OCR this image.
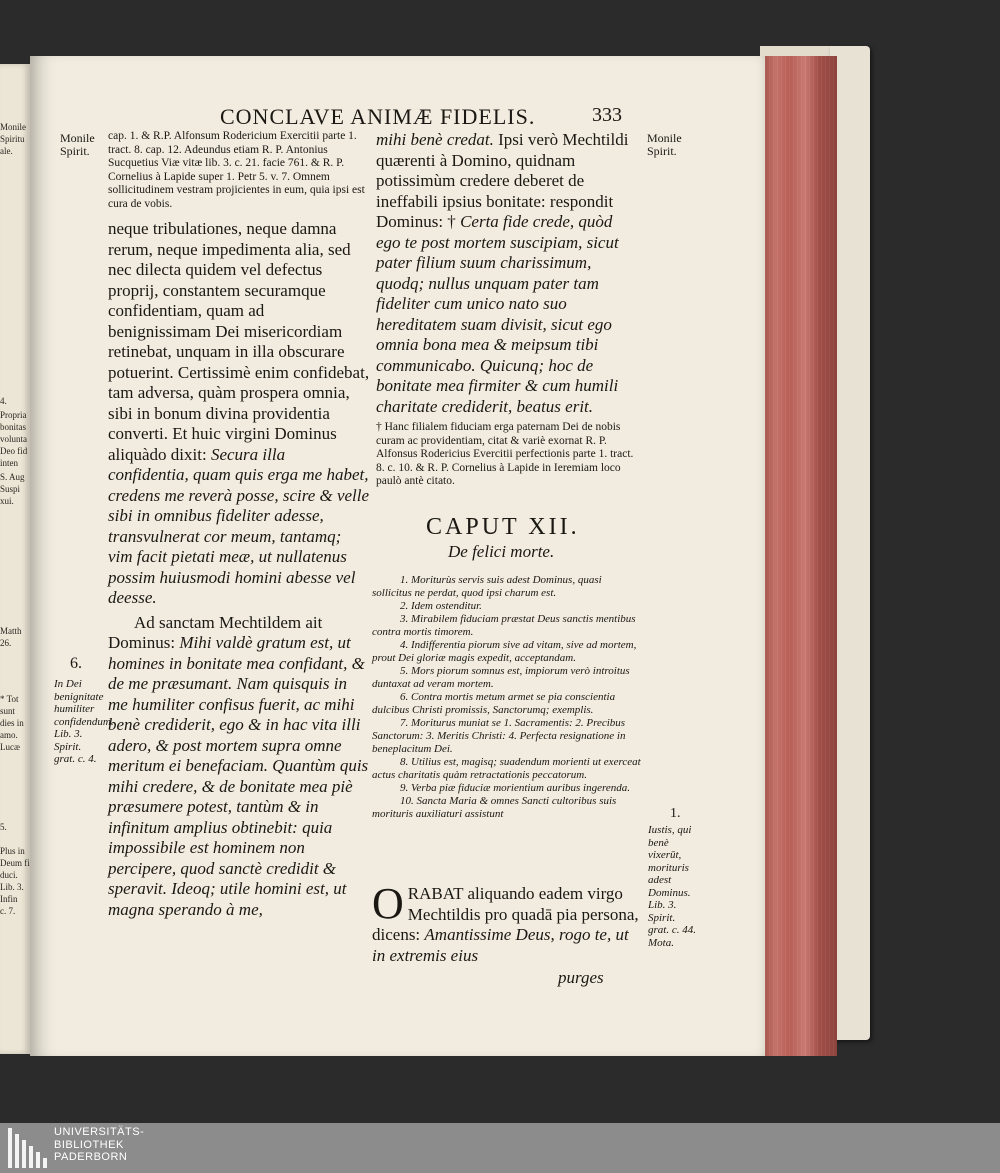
Monile
Spiritu
ale.
4.
Propria
bonitas
volunta
Deo fid
inten
S. Aug
Suspi
xui.
Matth
26.
* Tot
sunt
dies in
amo.
Lucæ
5.
Plus in
Deum fi
duci.
Lib. 3.
Infin
c. 7.
CONCLAVE ANIMÆ FIDELIS.	333
Monile Spirit.

cap. 1. & R.P. Alfonsum Rodericium Exercitii parte 1. tract. 8. cap. 12. Adeundus etiam R. P. Antonius Sucquetius Viæ vitæ lib. 3. c. 21. facie 761. & R. P. Cornelius à Lapide super 1. Petr 5. v. 7. Omnem sollicitudinem vestram projicientes in eum, quia ipsi est cura de vobis.

neque tribulationes, neque damna rerum, neque impedimenta alia, sed nec dilecta quidem vel defectus proprij, constantem securamque confidentiam, quam ad benignissimam Dei misericordiam retinebat, unquam in illa obscurare potuerint. Certissimè enim confidebat, tam adversa, quàm prospera omnia, sibi in bonum divina providentia converti. Et huic virgini Dominus aliquàdo dixit: Secura illa confidentia, quam quis erga me habet, credens me reverà posse, scire & velle sibi in omnibus fideliter adesse, transvulnerat cor meum, tantamq; vim facit pietati meæ, ut nullatenus possim huiusmodi homini abesse vel deesse.

Ad sanctam Mechtildem ait Dominus: Mihi valdè gratum est, ut homines in bonitate mea confidant, & de me præsumant. Nam quisquis in me humiliter confisus fuerit, ac mihi benè crediderit, ego & in hac vita illi adero, & post mortem supra omne meritum ei benefaciam. Quantùm quis mihi credere, & de bonitate mea piè præsumere potest, tantùm & in infinitum amplius obtinebit: quia impossibile est hominem non percipere, quod sanctè credidit & speravit. Ideoq; utile homini est, ut magna sperando à me,

6.
In Dei benignitate humiliter confidendum. Lib. 3. Spirit. grat. c. 4.
Monile Spirit.

mihi benè credat. Ipsi verò Mechtildi quærenti à Domino, quidnam potissimùm credere deberet de ineffabili ipsius bonitate: respondit Dominus: † Certa fide crede, quòd ego te post mortem suscipiam, sicut pater filium suum charissimum, quodq; nullus unquam pater tam fideliter cum unico nato suo hereditatem suam divisit, sicut ego omnia bona mea & meipsum tibi communicabo. Quicunq; hoc de bonitate mea firmiter & cum humili charitate crediderit, beatus erit.

† Hanc filialem fiduciam erga paternam Dei de nobis curam ac providentiam, citat & variè exornat R. P. Alfonsus Rodericius Evercitii perfectionis parte 1. tract. 8. c. 10. & R. P. Cornelius à Lapide in Ieremiam loco paulò antè citato.

CAPUT XII.
De felici morte.

1. Moriturùs servis suis adest Dominus, quasi sollicitus ne perdat, quod ipsi charum est.

2. Idem ostenditur.

3. Mirabilem fiduciam præstat Deus sanctis mentibus contra mortis timorem.

4. Indifferentia piorum sive ad vitam, sive ad mortem, prout Dei gloriæ magis expedit, acceptandam.

5. Mors piorum somnus est, impiorum verò introitus duntaxat ad veram mortem.

6. Contra mortis metum armet se pia conscientia dulcibus Christi promissis, Sanctorumq; exemplis.

7. Moriturus muniat se 1. Sacramentis: 2. Precibus Sanctorum: 3. Meritis Christi: 4. Perfecta resignatione in beneplacitum Dei.

8. Utilius est, magisq; suadendum morienti ut exerceat actus charitatis quàm retractationis peccatorum.

9. Verba piæ fiduciæ morientium auribus ingerenda.

10. Sancta Maria & omnes Sancti cultoribus suis morituris auxiliaturi assistunt

O RABAT aliquando eadem virgo Mechtildis pro quadā pia persona, dicens: Amantissime Deus, rogo te, ut in extremis eius
purges
1.
Iustis, qui benè vixerūt, morituris adest Dominus. Lib. 3. Spirit. grat. c. 44. Mota.
UNIVERSITÄTS-
BIBLIOTHEK
PADERBORN
